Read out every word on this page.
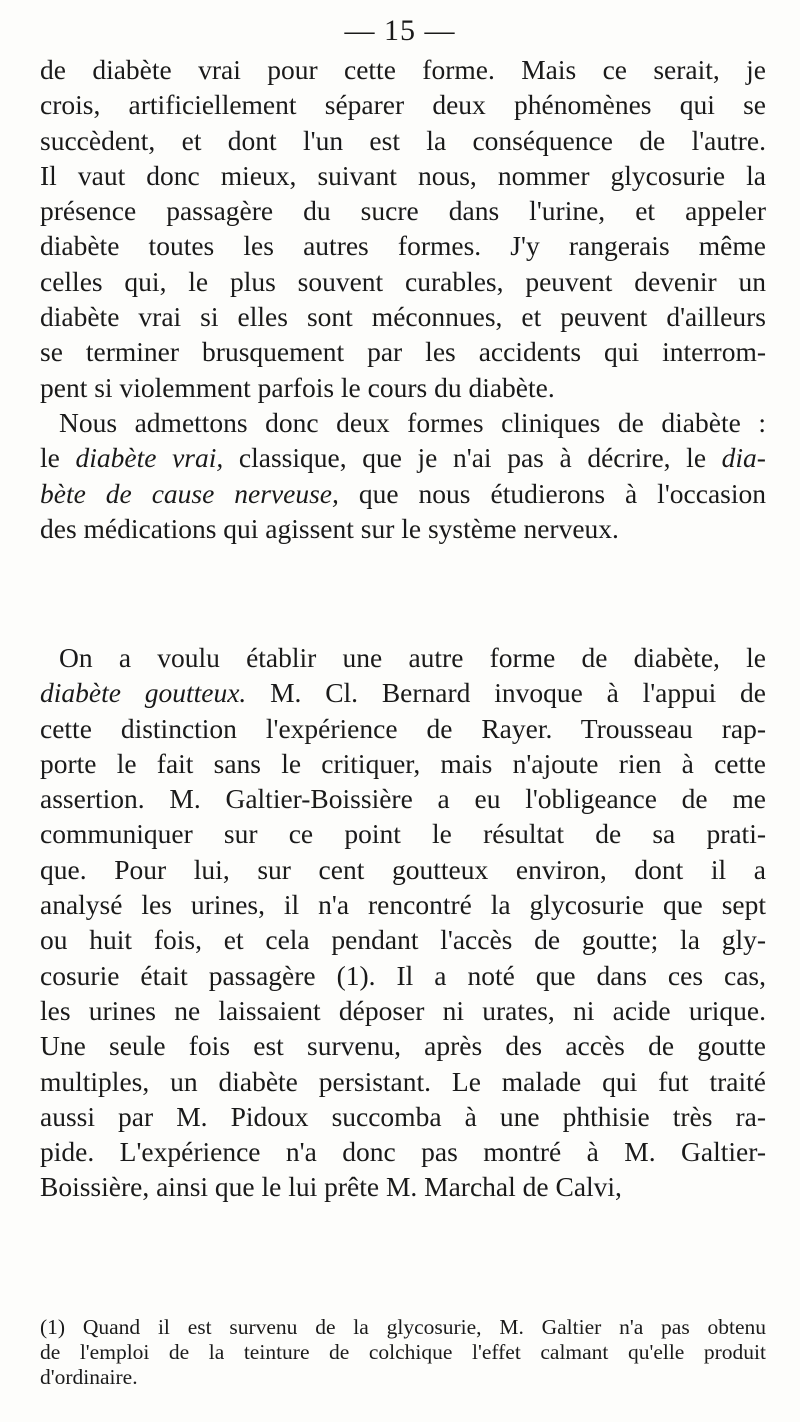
— 15 —
de diabète vrai pour cette forme. Mais ce serait, je
crois, artificiellement séparer deux phénomènes qui se
succèdent, et dont l'un est la conséquence de l'autre.
Il vaut donc mieux, suivant nous, nommer glycosurie la
présence passagère du sucre dans l'urine, et appeler
diabète toutes les autres formes. J'y rangerais même
celles qui, le plus souvent curables, peuvent devenir un
diabète vrai si elles sont méconnues, et peuvent d'ailleurs
se terminer brusquement par les accidents qui interrom-
pent si violemment parfois le cours du diabète.
Nous admettons donc deux formes cliniques de diabète :
le diabète vrai, classique, que je n'ai pas à décrire, le dia-
bète de cause nerveuse, que nous étudierons à l'occasion
des médications qui agissent sur le système nerveux.
On a voulu établir une autre forme de diabète, le
diabète goutteux. M. Cl. Bernard invoque à l'appui de
cette distinction l'expérience de Rayer. Trousseau rap-
porte le fait sans le critiquer, mais n'ajoute rien à cette
assertion. M. Galtier-Boissière a eu l'obligeance de me
communiquer sur ce point le résultat de sa prati-
que. Pour lui, sur cent goutteux environ, dont il a
analysé les urines, il n'a rencontré la glycosurie que sept
ou huit fois, et cela pendant l'accès de goutte; la gly-
cosurie était passagère (1). Il a noté que dans ces cas,
les urines ne laissaient déposer ni urates, ni acide urique.
Une seule fois est survenu, après des accès de goutte
multiples, un diabète persistant. Le malade qui fut traité
aussi par M. Pidoux succomba à une phthisie très ra-
pide. L'expérience n'a donc pas montré à M. Galtier-
Boissière, ainsi que le lui prête M. Marchal de Calvi,
(1) Quand il est survenu de la glycosurie, M. Galtier n'a pas obtenu
de l'emploi de la teinture de colchique l'effet calmant qu'elle produit
d'ordinaire.
